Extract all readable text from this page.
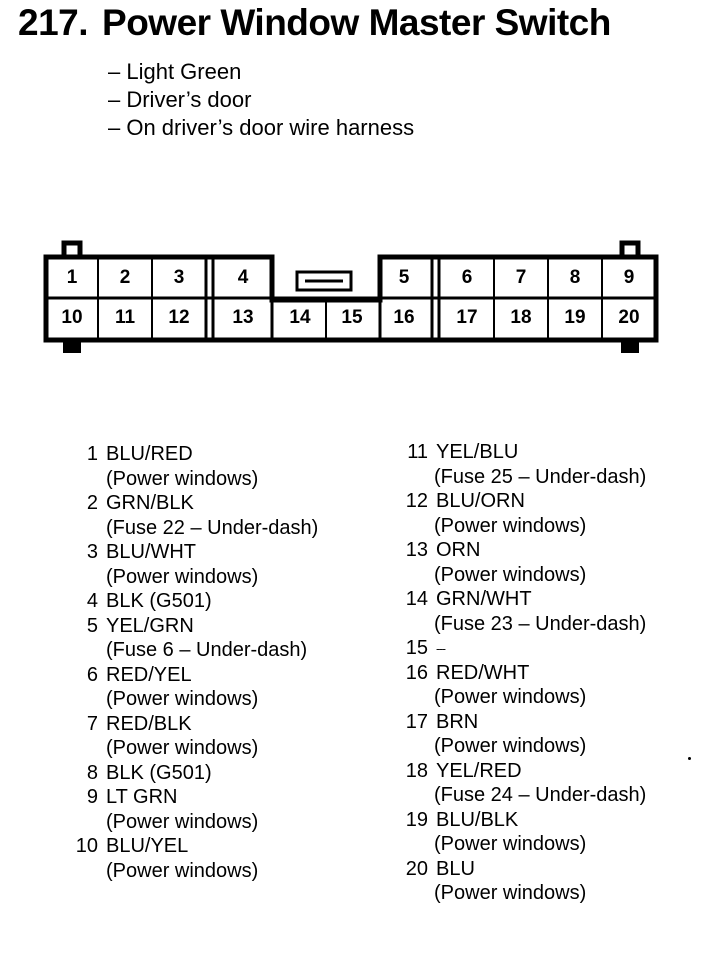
217. Power Window Master Switch
– Light Green
– Driver’s door
– On driver’s door wire harness
1	2	3	4	5	6	7	8	9
10	11	12	13	14	15	16	17	18	19	20
1 BLU/RED
(Power windows)
2 GRN/BLK
(Fuse 22 – Under-dash)
3 BLU/WHT
(Power windows)
4 BLK (G501)
5 YEL/GRN
(Fuse 6 – Under-dash)
6 RED/YEL
(Power windows)
7 RED/BLK
(Power windows)
8 BLK (G501)
9 LT GRN
(Power windows)
10 BLU/YEL
(Power windows)
11 YEL/BLU
(Fuse 25 – Under-dash)
12 BLU/ORN
(Power windows)
13 ORN
(Power windows)
14 GRN/WHT
(Fuse 23 – Under-dash)
15 ---
16 RED/WHT
(Power windows)
17 BRN
(Power windows)
18 YEL/RED
(Fuse 24 – Under-dash)
19 BLU/BLK
(Power windows)
20 BLU
(Power windows)
